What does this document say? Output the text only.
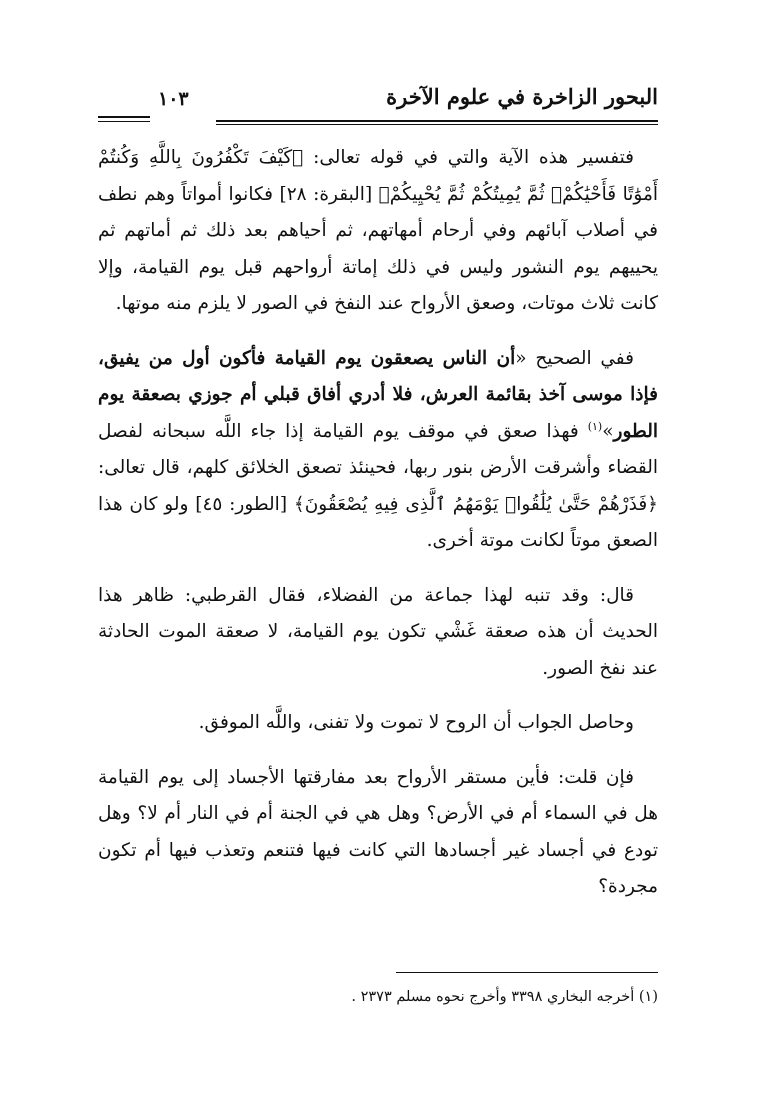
البحور الزاخرة في علوم الآخرة
١٠٣
فتفسير هذه الآية والتي في قوله تعالى: ﴿كَيْفَ تَكْفُرُونَ بِاللَّهِ وَكُنتُمْ أَمْوَٰتًا فَأَحْيَٰكُمْۖ ثُمَّ يُمِيتُكُمْ ثُمَّ يُحْيِيكُمْ﴾ [البقرة: ٢٨] فكانوا أمواتاً وهم نطف في أصلاب آبائهم وفي أرحام أمهاتهم، ثم أحياهم بعد ذلك ثم أماتهم ثم يحييهم يوم النشور وليس في ذلك إماتة أرواحهم قبل يوم القيامة، وإلا كانت ثلاث موتات، وصعق الأرواح عند النفخ في الصور لا يلزم منه موتها.
ففي الصحيح «أن الناس يصعقون يوم القيامة فأكون أول من يفيق، فإذا موسى آخذ بقائمة العرش، فلا أدري أفاق قبلي أم جوزي بصعقة يوم الطور»$^{(١)}$ فهذا صعق في موقف يوم القيامة إذا جاء اللَّه سبحانه لفصل القضاء وأشرقت الأرض بنور ربها، فحينئذ تصعق الخلائق كلهم، قال تعالى: ﴿فَذَرْهُمْ حَتَّىٰ يُلَٰقُوا۟ يَوْمَهُمُ ٱلَّذِى فِيهِ يُصْعَقُونَ﴾ [الطور: ٤٥] ولو كان هذا الصعق موتاً لكانت موتة أخرى.
قال: وقد تنبه لهذا جماعة من الفضلاء، فقال القرطبي: ظاهر هذا الحديث أن هذه صعقة غَشْي تكون يوم القيامة، لا صعقة الموت الحادثة عند نفخ الصور.
وحاصل الجواب أن الروح لا تموت ولا تفنى، واللَّه الموفق.
فإن قلت: فأين مستقر الأرواح بعد مفارقتها الأجساد إلى يوم القيامة هل في السماء أم في الأرض؟ وهل هي في الجنة أم في النار أم لا؟ وهل تودع في أجساد غير أجسادها التي كانت فيها فتنعم وتعذب فيها أم تكون مجردة؟
(١) أخرجه البخاري ٣٣٩٨ وأخرج نحوه مسلم ٢٣٧٣ .
